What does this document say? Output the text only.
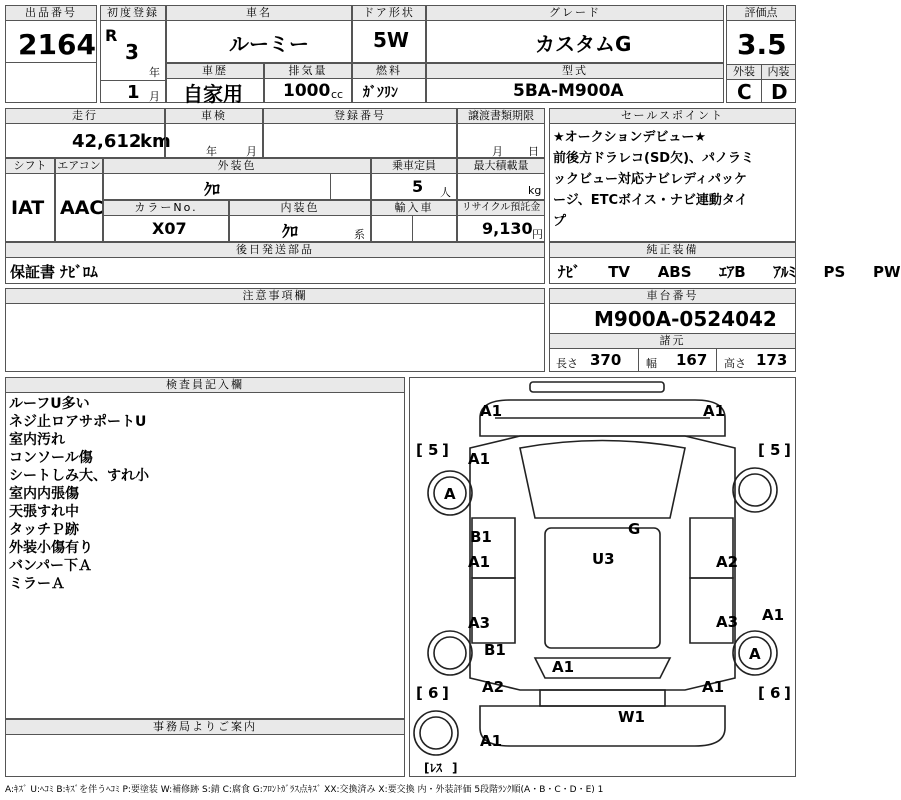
出品番号
2164
初度登録
R
3
年
1 月
車名
ルーミー
ドア形状
5W
グレード
カスタムG
評価点
3.5
外装	内装
C D
車歴
自家用
排気量
1000 cc
燃料
ｶﾞｿﾘﾝ
型式
5BA-M900A
走行
42,612
km
車検
年	月
登録番号	譲渡書類期限
月 日
セールスポイント
★オークションデビュー★
前後方ドラレコ(SD欠)、パノラミ
ックビュー対応ナビレディパッケ
ージ、ETCボイス・ナビ連動タイ
プ
シフト
IAT
エアコン
AAC
外装色
ｸﾛ
乗車定員
5 人
最大積載量
kg
カラーNo.
X07
内装色
ｸﾛ	系
輸入車	リサイクル預託金
9,130 円
後日発送部品
保証書 ﾅﾋﾞﾛﾑ
純正装備
ﾅﾋﾞ TV ABS ｴｱB ｱﾙﾐ PS PW
注意事項欄	車台番号
M900A-0524042
諸元
長さ 370 幅 167 高さ 173
検査員記入欄
ルーフU多い
ネジ止ロアサポートU
室内汚れ
コンソール傷
シートしみ大、すれ小
室内内張傷
天張すれ中
タッチＰ跡
外装小傷有り
バンパー下Ａ
ミラーＡ
事務局よりご案内
[ 5 ]	[ 5 ]
[ 6 ]	[ 6 ]
[ ﾚｽ ]
A1	A1
A1
A
A
B1
A1
A3
B1
A2
G
U3
A1
A2
A3 A1
A1
W1
A1
A:ｷｽﾞ U:ﾍｺﾐ B:ｷｽﾞを伴うﾍｺﾐ P:要塗装 W:補修跡 S:錆 C:腐食 G:ﾌﾛﾝﾄｶﾞﾗｽ点ｷｽﾞ XX:交換済み X:要交換 内・外装評価 5段階ﾗﾝｸ順(A・B・C・D・E) 1
